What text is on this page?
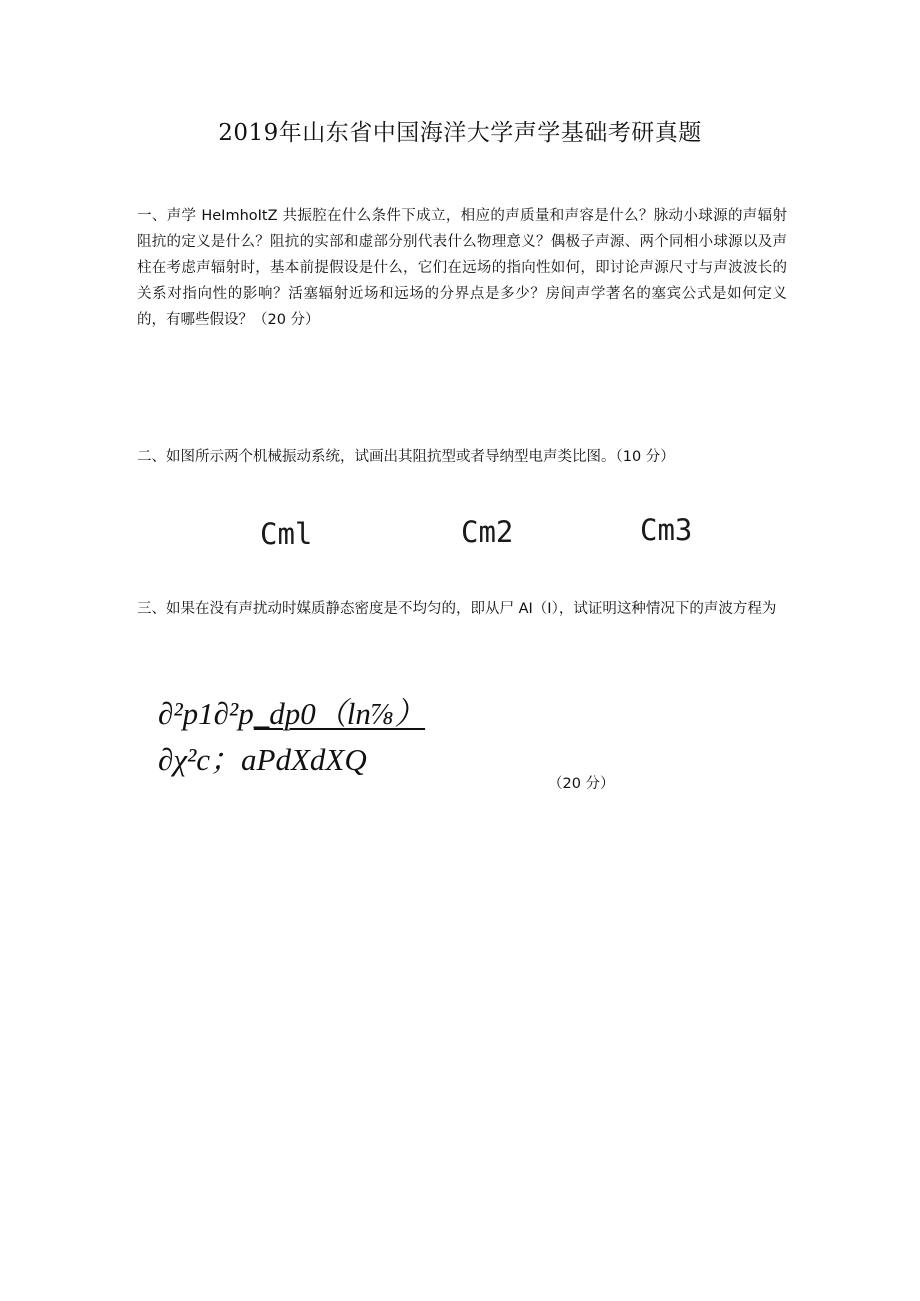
2019年山东省中国海洋大学声学基础考研真题
一、声学 HeImhoItZ 共振腔在什么条件下成立，相应的声质量和声容是什么？脉动小球源的声辐射阻抗的定义是什么？阻抗的实部和虚部分别代表什么物理意义？偶极子声源、两个同相小球源以及声柱在考虑声辐射时，基本前提假设是什么，它们在远场的指向性如何，即讨论声源尺寸与声波波长的关系对指向性的影响？活塞辐射近场和远场的分界点是多少？房间声学著名的塞宾公式是如何定义的，有哪些假设？（20 分）
二、如图所示两个机械振动系统，试画出其阻抗型或者导纳型电声类比图。（10 分）
Cml	Cm2	Cm3
三、如果在没有声扰动时媒质静态密度是不均匀的，即从尸 AI（I），试证明这种情况下的声波方程为
∂²p1∂²p_dp0（ln⅞）
∂χ²c；aPdXdXQ
（20 分）
